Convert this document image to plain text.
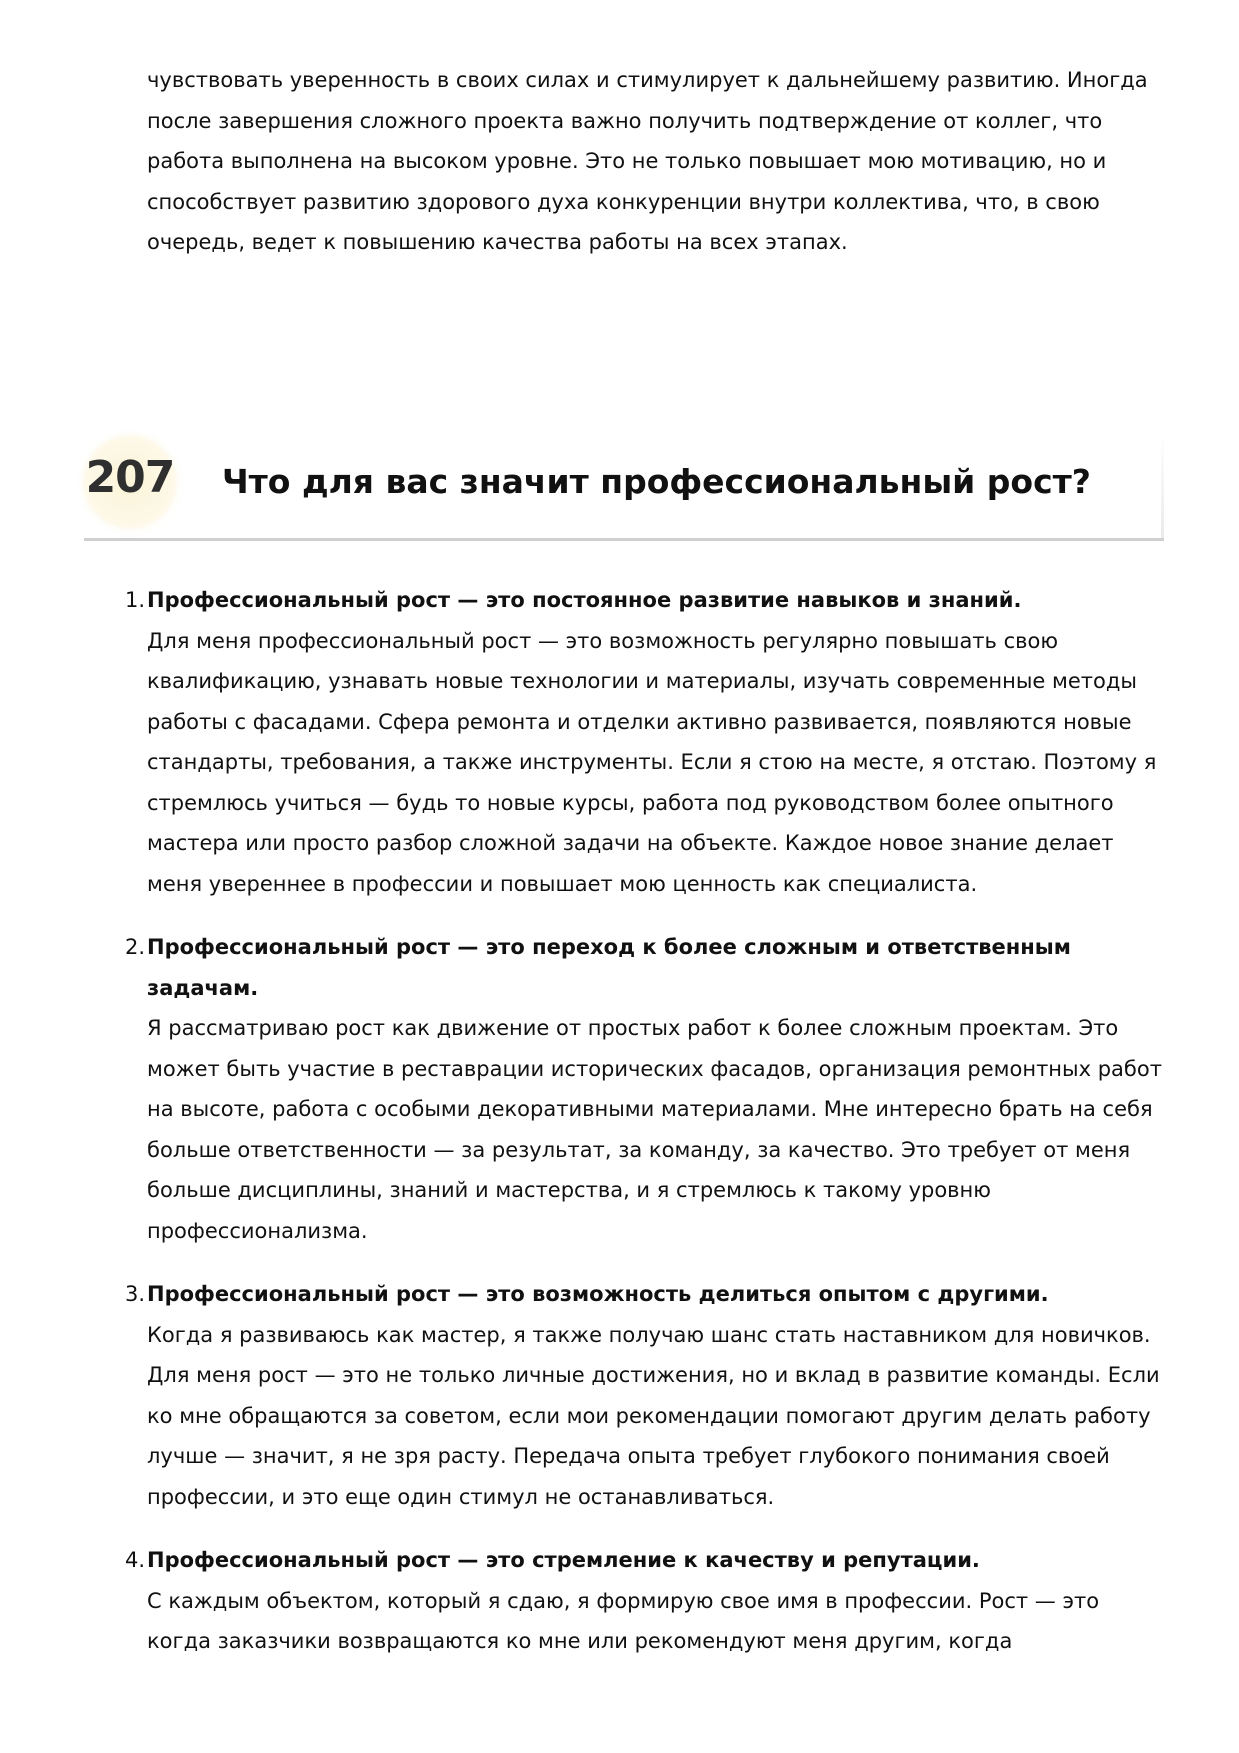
чувствовать уверенность в своих силах и стимулирует к дальнейшему развитию. Иногда после завершения сложного проекта важно получить подтверждение от коллег, что работа выполнена на высоком уровне. Это не только повышает мою мотивацию, но и способствует развитию здорового духа конкуренции внутри коллектива, что, в свою очередь, ведет к повышению качества работы на всех этапах.

207 Что для вас значит профессиональный рост?
1. Профессиональный рост — это постоянное развитие навыков и знаний.
Для меня профессиональный рост — это возможность регулярно повышать свою квалификацию, узнавать новые технологии и материалы, изучать современные методы работы с фасадами. Сфера ремонта и отделки активно развивается, появляются новые стандарты, требования, а также инструменты. Если я стою на месте, я отстаю. Поэтому я стремлюсь учиться — будь то новые курсы, работа под руководством более опытного мастера или просто разбор сложной задачи на объекте. Каждое новое знание делает меня увереннее в профессии и повышает мою ценность как специалиста.
2. Профессиональный рост — это переход к более сложным и ответственным задачам.
Я рассматриваю рост как движение от простых работ к более сложным проектам. Это может быть участие в реставрации исторических фасадов, организация ремонтных работ на высоте, работа с особыми декоративными материалами. Мне интересно брать на себя больше ответственности — за результат, за команду, за качество. Это требует от меня больше дисциплины, знаний и мастерства, и я стремлюсь к такому уровню профессионализма.
3. Профессиональный рост — это возможность делиться опытом с другими.
Когда я развиваюсь как мастер, я также получаю шанс стать наставником для новичков. Для меня рост — это не только личные достижения, но и вклад в развитие команды. Если ко мне обращаются за советом, если мои рекомендации помогают другим делать работу лучше — значит, я не зря расту. Передача опыта требует глубокого понимания своей профессии, и это еще один стимул не останавливаться.
4. Профессиональный рост — это стремление к качеству и репутации.
С каждым объектом, который я сдаю, я формирую свое имя в профессии. Рост — это когда заказчики возвращаются ко мне или рекомендуют меня другим, когда
